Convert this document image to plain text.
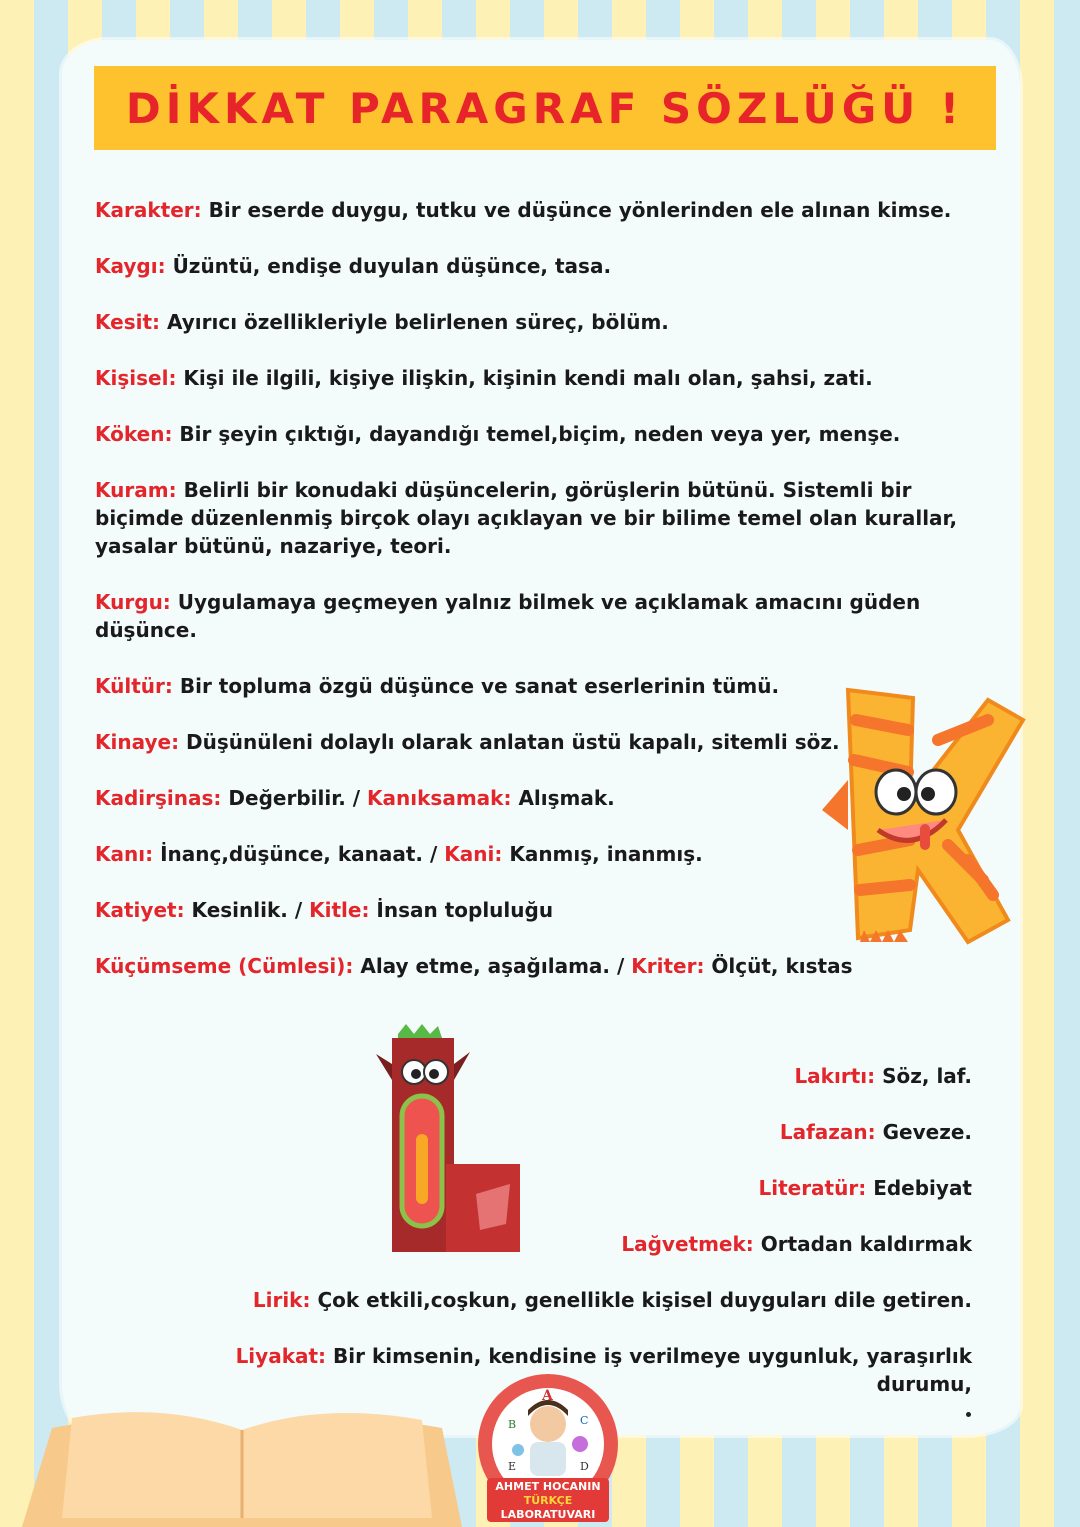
DİKKAT PARAGRAF SÖZLÜĞÜ !
Karakter: Bir eserde duygu, tutku ve düşünce yönlerinden ele alınan kimse.
Kaygı: Üzüntü, endişe duyulan düşünce, tasa.
Kesit: Ayırıcı özellikleriyle belirlenen süreç, bölüm.
Kişisel: Kişi ile ilgili, kişiye ilişkin, kişinin kendi malı olan, şahsi, zati.
Köken: Bir şeyin çıktığı, dayandığı temel,biçim, neden veya yer, menşe.
Kuram: Belirli bir konudaki düşüncelerin, görüşlerin bütünü. Sistemli bir biçimde düzenlenmiş birçok olayı açıklayan ve bir bilime temel olan kurallar, yasalar bütünü, nazariye, teori.
Kurgu: Uygulamaya geçmeyen yalnız bilmek ve açıklamak amacını güden düşünce.
Kültür: Bir topluma özgü düşünce ve sanat eserlerinin tümü.
Kinaye: Düşünüleni dolaylı olarak anlatan üstü kapalı, sitemli söz.
Kadirşinas: Değerbilir. / Kanıksamak: Alışmak.
Kanı: İnanç,düşünce, kanaat. / Kani: Kanmış, inanmış.
Katiyet: Kesinlik. / Kitle: İnsan topluluğu
Küçümseme (Cümlesi): Alay etme, aşağılama. / Kriter: Ölçüt, kıstas
Lakırtı: Söz, laf.
Lafazan: Geveze.
Literatür: Edebiyat
Lağvetmek: Ortadan kaldırmak
Lirik: Çok etkili,coşkun, genellikle kişisel duyguları dile getiren.
Liyakat: Bir kimsenin, kendisine iş verilmeye uygunluk, yaraşırlık durumu,
A
B	C
D
E
AHMET HOCANIN
TÜRKÇE
LABORATUVARI
